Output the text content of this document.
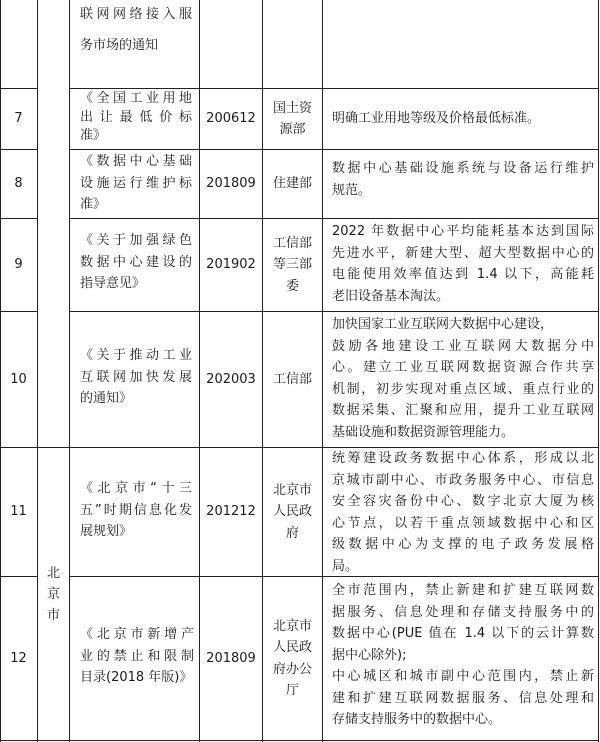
联网网络接入服
务市场的通知
7
《全国工业用地
出 让 最 低 价 标
准》
200612
国土资
源部
明确工业用地等级及价格最低标准。
8
《数据中心基础
设施运行维护标
准》
201809 住建部
数据中心基础设施系统与设备运行维护
规范。
9
《关于加强绿色
数据中心建设的
指导意见》
201902
工信部
等三部
委
2022 年数据中心平均能耗基本达到国际
先进水平，新建大型、超大型数据中心的
电能使用效率值达到 1.4 以下，高能耗
老旧设备基本淘汰。
10
《关于推动工业
互联网加快发展
的通知》
202003 工信部
加快国家工业互联网大数据中心建设，
鼓励各地建设工业互联网大数据分中
心。建立工业互联网数据资源合作共享
机制，初步实现对重点区域、重点行业的
数据采集、汇聚和应用，提升工业互联网
基础设施和数据资源管理能力。
北
京
市
11
《北京市“十三
五”时期信息化发
展规划》
201212
北京市
人民政
府
统筹建设政务数据中心体系，形成以北
京城市副中心、市政务服务中心、市信息
安全容灾备份中心、数字北京大厦为核
心节点，以若干重点领域数据中心和区
级数据中心为支撑的电子政务发展格
局。
12
《北京市新增产
业的禁止和限制
目录(2018 年版)》
201809
北京市
人民政
府办公
厅
全市范围内，禁止新建和扩建互联网数
据服务、信息处理和存储支持服务中的
数据中心(PUE 值在 1.4 以下的云计算数
据中心除外);
中心城区和城市副中心范围内，禁止新
建和扩建互联网数据服务、信息处理和
存储支持服务中的数据中心。
